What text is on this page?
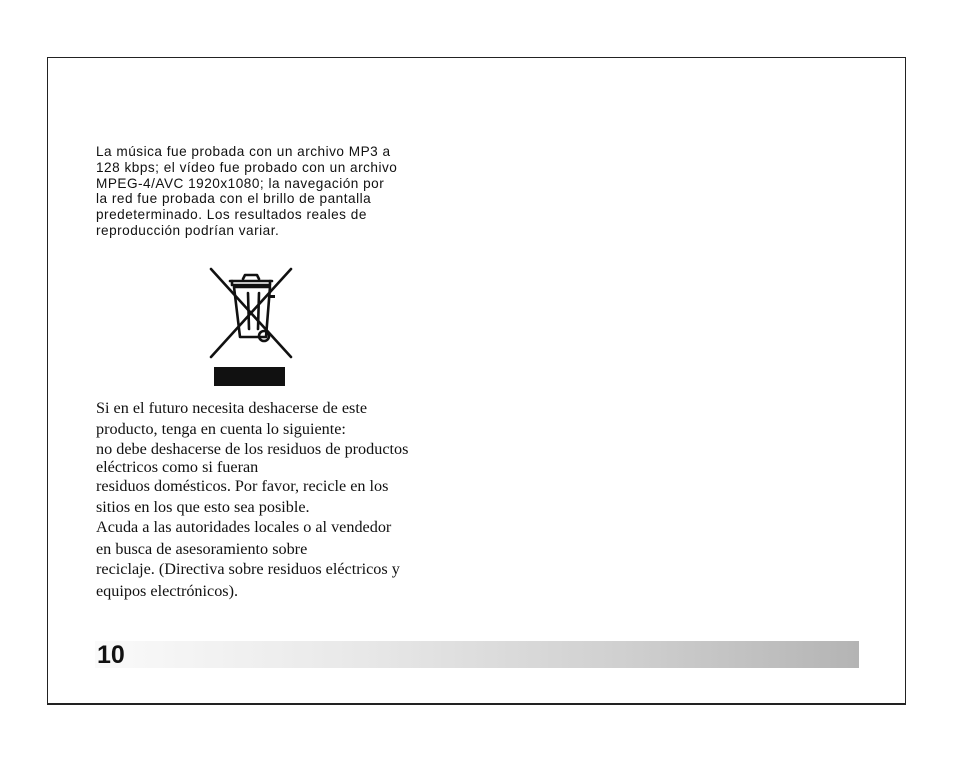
La música fue probada con un archivo MP3 a
128 kbps; el vídeo fue probado con un archivo
MPEG-4/AVC 1920x1080; la navegación por
la red fue probada con el brillo de pantalla
predeterminado. Los resultados reales de
reproducción podrían variar.
Si en el futuro necesita deshacerse de este
producto, tenga en cuenta lo siguiente:
no debe deshacerse de los residuos de productos
eléctricos como si fueran
residuos domésticos. Por favor, recicle en los
sitios en los que esto sea posible.
Acuda a las autoridades locales o al vendedor
en busca de asesoramiento sobre
reciclaje. (Directiva sobre residuos eléctricos y
equipos electrónicos).
10
